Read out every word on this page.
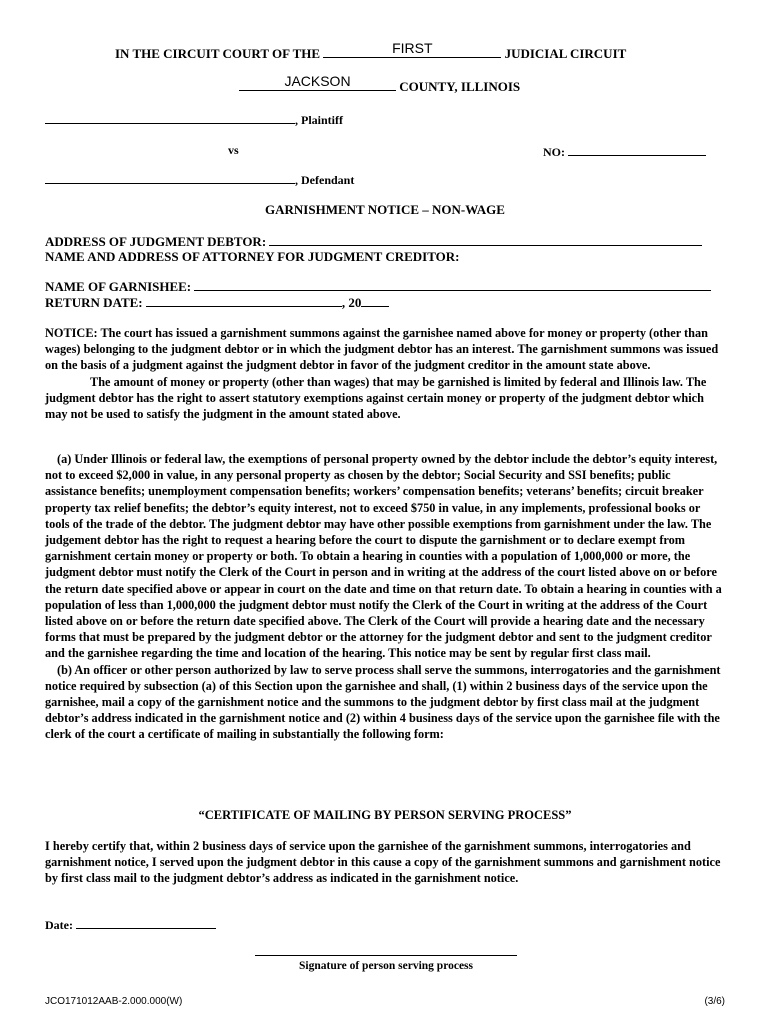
IN THE CIRCUIT COURT OF THE	FIRST	JUDICIAL CIRCUIT
JACKSON	COUNTY, ILLINOIS
, Plaintiff
vs	NO:
, Defendant
GARNISHMENT NOTICE – NON-WAGE
ADDRESS OF JUDGMENT DEBTOR:
NAME AND ADDRESS OF ATTORNEY FOR JUDGMENT CREDITOR:
NAME OF GARNISHEE:
RETURN DATE:	, 20

NOTICE: The court has issued a garnishment summons against the garnishee named above for money or property (other than wages) belonging to the judgment debtor or in which the judgment debtor has an interest. The garnishment summons was issued on the basis of a judgment against the judgment debtor in favor of the judgment creditor in the amount state above.

The amount of money or property (other than wages) that may be garnished is limited by federal and Illinois law. The judgment debtor has the right to assert statutory exemptions against certain money or property of the judgment debtor which may not be used to satisfy the judgment in the amount stated above.

(a) Under Illinois or federal law, the exemptions of personal property owned by the debtor include the debtor’s equity interest, not to exceed $2,000 in value, in any personal property as chosen by the debtor; Social Security and SSI benefits; public assistance benefits; unemployment compensation benefits; workers’ compensation benefits; veterans’ benefits; circuit breaker property tax relief benefits; the debtor’s equity interest, not to exceed $750 in value, in any implements, professional books or tools of the trade of the debtor. The judgment debtor may have other possible exemptions from garnishment under the law. The judgement debtor has the right to request a hearing before the court to dispute the garnishment or to declare exempt from garnishment certain money or property or both. To obtain a hearing in counties with a population of 1,000,000 or more, the judgment debtor must notify the Clerk of the Court in person and in writing at the address of the court listed above on or before the return date specified above or appear in court on the date and time on that return date. To obtain a hearing in counties with a population of less than 1,000,000 the judgment debtor must notify the Clerk of the Court in writing at the address of the Court listed above on or before the return date specified above. The Clerk of the Court will provide a hearing date and the necessary forms that must be prepared by the judgment debtor or the attorney for the judgment debtor and sent to the judgment creditor and the garnishee regarding the time and location of the hearing. This notice may be sent by regular first class mail.

(b) An officer or other person authorized by law to serve process shall serve the summons, interrogatories and the garnishment notice required by subsection (a) of this Section upon the garnishee and shall, (1) within 2 business days of the service upon the garnishee, mail a copy of the garnishment notice and the summons to the judgment debtor by first class mail at the judgment debtor’s address indicated in the garnishment notice and (2) within 4 business days of the service upon the garnishee file with the clerk of the court a certificate of mailing in substantially the following form:

“CERTIFICATE OF MAILING BY PERSON SERVING PROCESS”

I hereby certify that, within 2 business days of service upon the garnishee of the garnishment summons, interrogatories and garnishment notice, I served upon the judgment debtor in this cause a copy of the garnishment summons and garnishment notice by first class mail to the judgment debtor’s address as indicated in the garnishment notice.

Date:
Signature of person serving process
JCO171012AAB-2.000.000(W)	(3/6)
